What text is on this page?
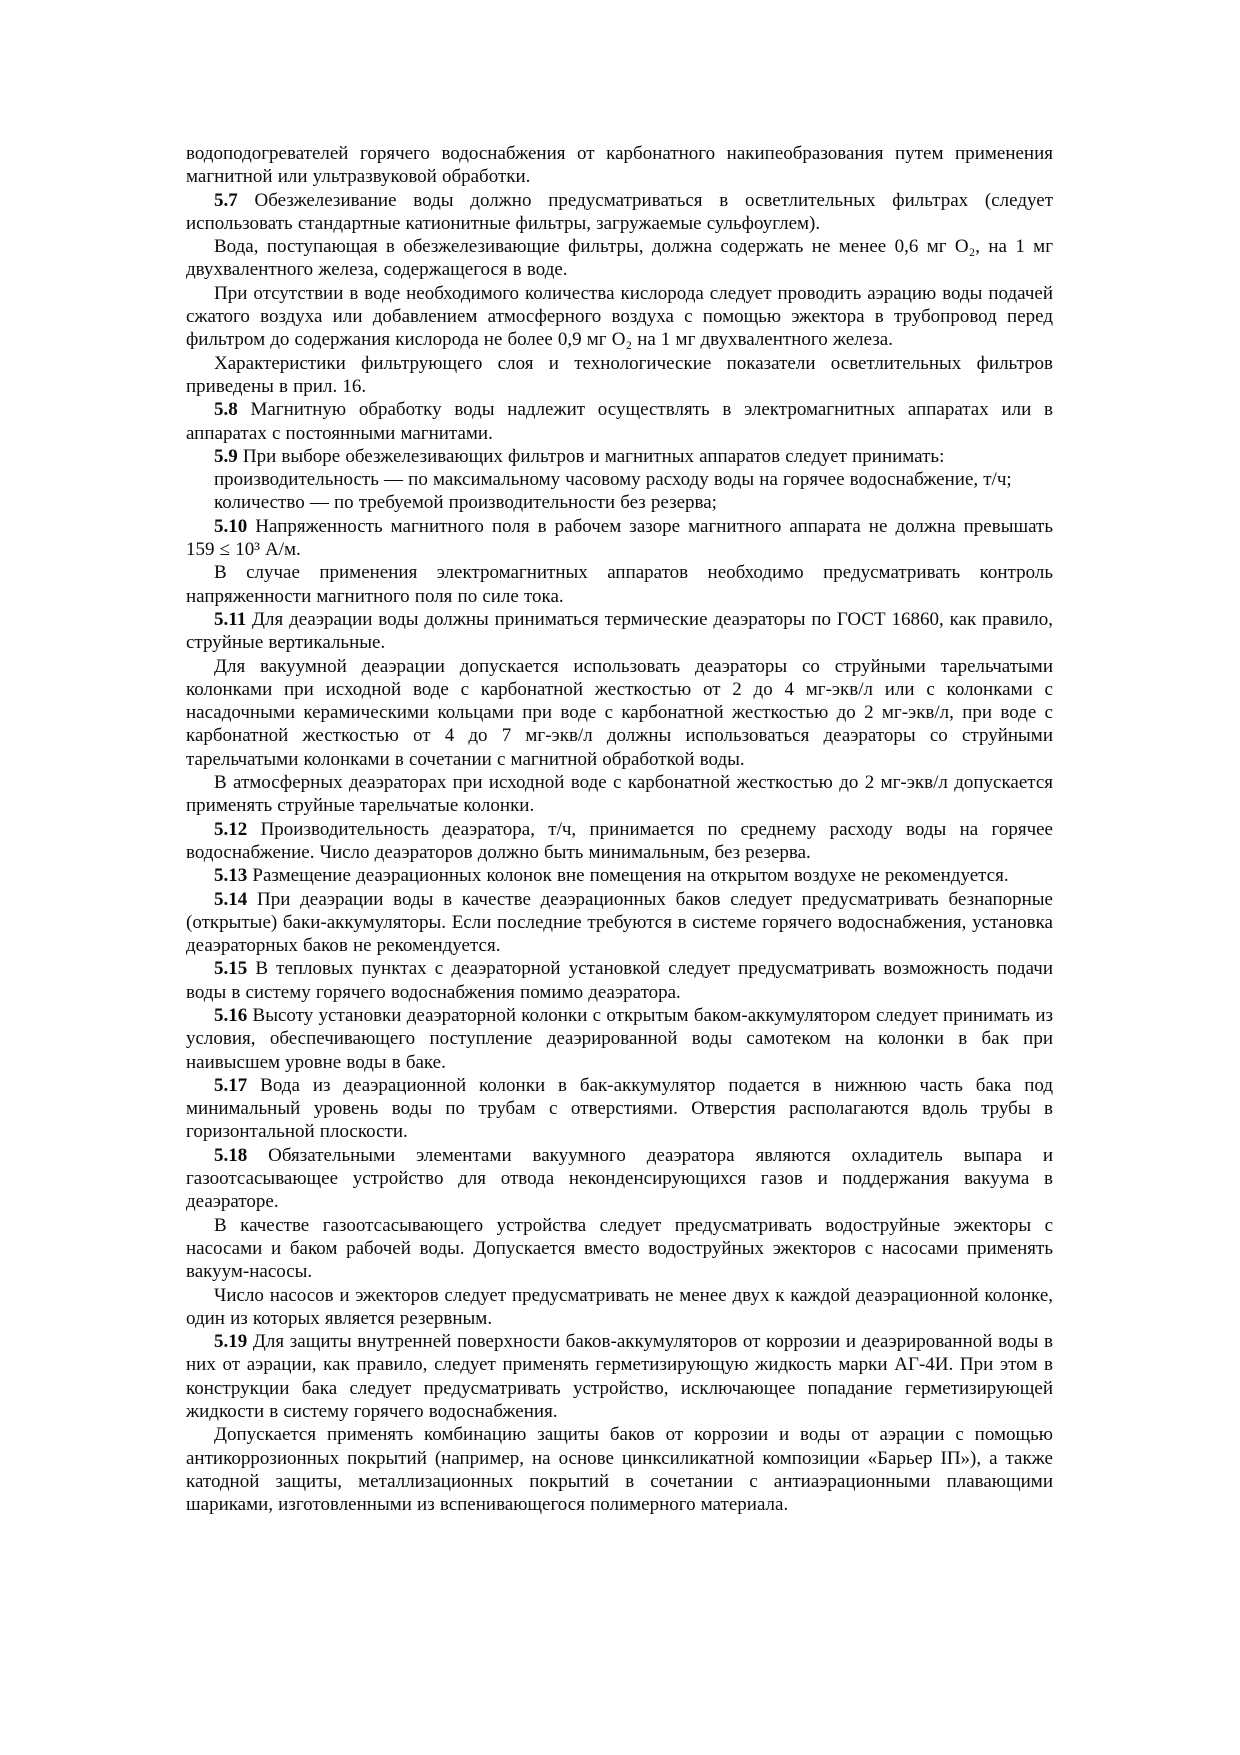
водоподогревателей горячего водоснабжения от карбонатного накипеобразования путем применения магнитной или ультразвуковой обработки.

5.7 Обезжелезивание воды должно предусматриваться в осветлительных фильтрах (следует использовать стандартные катионитные фильтры, загружаемые сульфоуглем).

Вода, поступающая в обезжелезивающие фильтры, должна содержать не менее 0,6 мг О₂, на 1 мг двухвалентного железа, содержащегося в воде.

При отсутствии в воде необходимого количества кислорода следует проводить аэрацию воды подачей сжатого воздуха или добавлением атмосферного воздуха с помощью эжектора в трубопровод перед фильтром до содержания кислорода не более 0,9 мг О₂ на 1 мг двухвалентного железа.

Характеристики фильтрующего слоя и технологические показатели осветлительных фильтров приведены в прил. 16.

5.8 Магнитную обработку воды надлежит осуществлять в электромагнитных аппаратах или в аппаратах с постоянными магнитами.

5.9 При выборе обезжелезивающих фильтров и магнитных аппаратов следует принимать:

производительность — по максимальному часовому расходу воды на горячее водоснабжение, т/ч;

количество — по требуемой производительности без резерва;

5.10 Напряженность магнитного поля в рабочем зазоре магнитного аппарата не должна превышать 159 ≤ 10³ А/м.

В случае применения электромагнитных аппаратов необходимо предусматривать контроль напряженности магнитного поля по силе тока.

5.11 Для деаэрации воды должны приниматься термические деаэраторы по ГОСТ 16860, как правило, струйные вертикальные.

Для вакуумной деаэрации допускается использовать деаэраторы со струйными тарельчатыми колонками при исходной воде с карбонатной жесткостью от 2 до 4 мг-экв/л или с колонками с насадочными керамическими кольцами при воде с карбонатной жесткостью до 2 мг-экв/л, при воде с карбонатной жесткостью от 4 до 7 мг-экв/л должны использоваться деаэраторы со струйными тарельчатыми колонками в сочетании с магнитной обработкой воды.

В атмосферных деаэраторах при исходной воде с карбонатной жесткостью до 2 мг-экв/л допускается применять струйные тарельчатые колонки.

5.12 Производительность деаэратора, т/ч, принимается по среднему расходу воды на горячее водоснабжение. Число деаэраторов должно быть минимальным, без резерва.

5.13 Размещение деаэрационных колонок вне помещения на открытом воздухе не рекомендуется.

5.14 При деаэрации воды в качестве деаэрационных баков следует предусматривать безнапорные (открытые) баки-аккумуляторы. Если последние требуются в системе горячего водоснабжения, установка деаэраторных баков не рекомендуется.

5.15 В тепловых пунктах с деаэраторной установкой следует предусматривать возможность подачи воды в систему горячего водоснабжения помимо деаэратора.

5.16 Высоту установки деаэраторной колонки с открытым баком-аккумулятором следует принимать из условия, обеспечивающего поступление деаэрированной воды самотеком на колонки в бак при наивысшем уровне воды в баке.

5.17 Вода из деаэрационной колонки в бак-аккумулятор подается в нижнюю часть бака под минимальный уровень воды по трубам с отверстиями. Отверстия располагаются вдоль трубы в горизонтальной плоскости.

5.18 Обязательными элементами вакуумного деаэратора являются охладитель выпара и газоотсасывающее устройство для отвода неконденсирующихся газов и поддержания вакуума в деаэраторе.

В качестве газоотсасывающего устройства следует предусматривать водоструйные эжекторы с насосами и баком рабочей воды. Допускается вместо водоструйных эжекторов с насосами применять вакуум-насосы.

Число насосов и эжекторов следует предусматривать не менее двух к каждой деаэрационной колонке, один из которых является резервным.

5.19 Для защиты внутренней поверхности баков-аккумуляторов от коррозии и деаэрированной воды в них от аэрации, как правило, следует применять герметизирующую жидкость марки АГ-4И. При этом в конструкции бака следует предусматривать устройство, исключающее попадание герметизирующей жидкости в систему горячего водоснабжения.

Допускается применять комбинацию защиты баков от коррозии и воды от аэрации с помощью антикоррозионных покрытий (например, на основе цинксиликатной композиции «Барьер IП»), а также катодной защиты, металлизационных покрытий в сочетании с антиаэрационными плавающими шариками, изготовленными из вспенивающегося полимерного материала.
